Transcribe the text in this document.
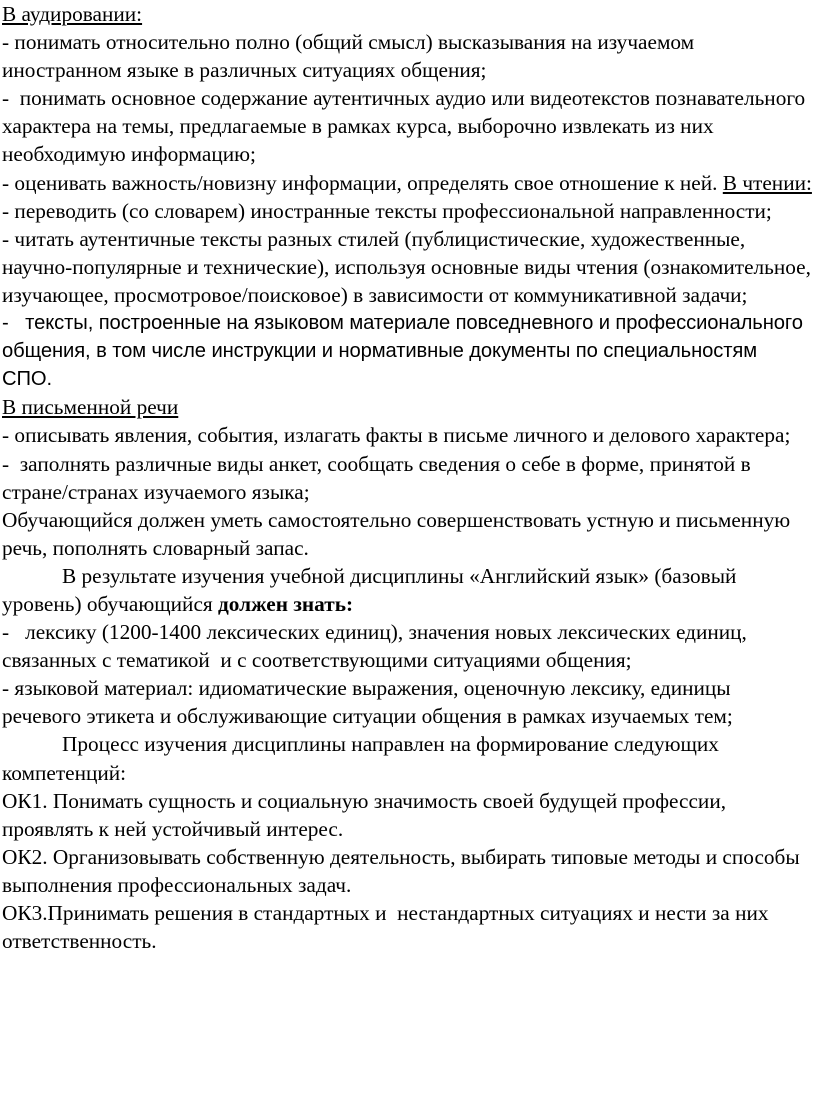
В аудировании:

- понимать относительно полно (общий смысл) высказывания на изучаемом иностранном языке в различных ситуациях общения;

-  понимать основное содержание аутентичных аудио или видеотекстов познавательного характера на темы, предлагаемые в рамках курса, выборочно извлекать из них необходимую информацию;

- оценивать важность/новизну информации, определять свое отношение к ней. В чтении:

- переводить (со словарем) иностранные тексты профессиональной направленности;

- читать аутентичные тексты разных стилей (публицистические, художественные, научно-популярные и технические), используя основные виды чтения (ознакомительное, изучающее, просмотровое/поисковое) в зависимости от коммуникативной задачи;

-   тексты, построенные на языковом материале повседневного и профессионального общения, в том числе инструкции и нормативные документы по специальностям СПО.

В письменной речи

- описывать явления, события, излагать факты в письме личного и делового характера;

-  заполнять различные виды анкет, сообщать сведения о себе в форме, принятой в стране/странах изучаемого языка;

Обучающийся должен уметь самостоятельно совершенствовать устную и письменную речь, пополнять словарный запас.

В результате изучения учебной дисциплины «Английский язык» (базовый уровень) обучающийся должен знать:

-   лексику (1200-1400 лексических единиц), значения новых лексических единиц, связанных с тематикой  и с соответствующими ситуациями общения;

- языковой материал: идиоматические выражения, оценочную лексику, единицы речевого этикета и обслуживающие ситуации общения в рамках изучаемых тем;

Процесс изучения дисциплины направлен на формирование следующих компетенций:

ОК1. Понимать сущность и социальную значимость своей будущей профессии, проявлять к ней устойчивый интерес.

ОК2. Организовывать собственную деятельность, выбирать типовые методы и способы  выполнения профессиональных задач.

ОК3.Принимать решения в стандартных и  нестандартных ситуациях и нести за них ответственность.
